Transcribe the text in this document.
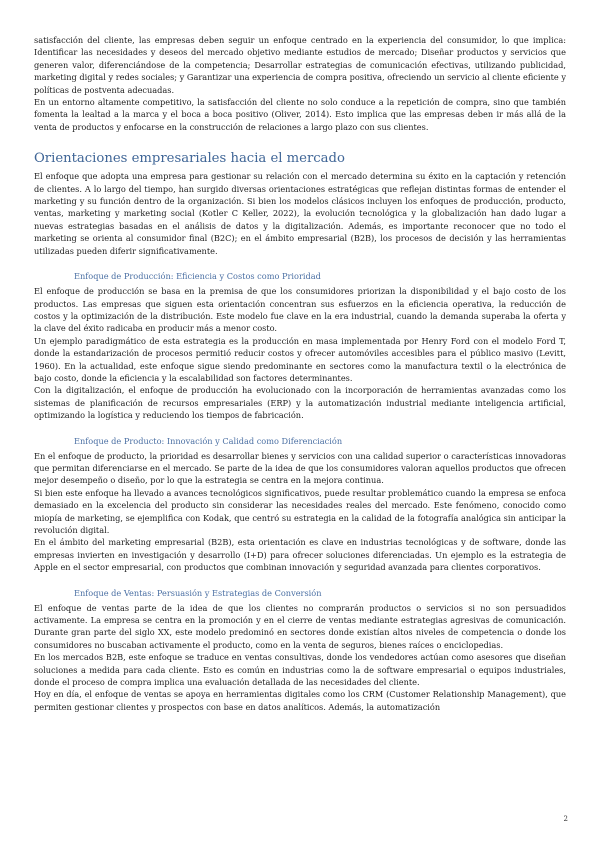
satisfacción del cliente, las empresas deben seguir un enfoque centrado en la experiencia del consumidor, lo que implica: Identificar las necesidades y deseos del mercado objetivo mediante estudios de mercado; Diseñar productos y servicios que generen valor, diferenciándose de la competencia; Desarrollar estrategias de comunicación efectivas, utilizando publicidad, marketing digital y redes sociales; y Garantizar una experiencia de compra positiva, ofreciendo un servicio al cliente eficiente y políticas de postventa adecuadas.

En un entorno altamente competitivo, la satisfacción del cliente no solo conduce a la repetición de compra, sino que también fomenta la lealtad a la marca y el boca a boca positivo (Oliver, 2014). Esto implica que las empresas deben ir más allá de la venta de productos y enfocarse en la construcción de relaciones a largo plazo con sus clientes.

Orientaciones empresariales hacia el mercado

El enfoque que adopta una empresa para gestionar su relación con el mercado determina su éxito en la captación y retención de clientes. A lo largo del tiempo, han surgido diversas orientaciones estratégicas que reflejan distintas formas de entender el marketing y su función dentro de la organización. Si bien los modelos clásicos incluyen los enfoques de producción, producto, ventas, marketing y marketing social (Kotler C Keller, 2022), la evolución tecnológica y la globalización han dado lugar a nuevas estrategias basadas en el análisis de datos y la digitalización. Además, es importante reconocer que no todo el marketing se orienta al consumidor final (B2C); en el ámbito empresarial (B2B), los procesos de decisión y las herramientas utilizadas pueden diferir significativamente.

Enfoque de Producción: Eficiencia y Costos como Prioridad

El enfoque de producción se basa en la premisa de que los consumidores priorizan la disponibilidad y el bajo costo de los productos. Las empresas que siguen esta orientación concentran sus esfuerzos en la eficiencia operativa, la reducción de costos y la optimización de la distribución. Este modelo fue clave en la era industrial, cuando la demanda superaba la oferta y la clave del éxito radicaba en producir más a menor costo.

Un ejemplo paradigmático de esta estrategia es la producción en masa implementada por Henry Ford con el modelo Ford T, donde la estandarización de procesos permitió reducir costos y ofrecer automóviles accesibles para el público masivo (Levitt, 1960). En la actualidad, este enfoque sigue siendo predominante en sectores como la manufactura textil o la electrónica de bajo costo, donde la eficiencia y la escalabilidad son factores determinantes.

Con la digitalización, el enfoque de producción ha evolucionado con la incorporación de herramientas avanzadas como los sistemas de planificación de recursos empresariales (ERP) y la automatización industrial mediante inteligencia artificial, optimizando la logística y reduciendo los tiempos de fabricación.

Enfoque de Producto: Innovación y Calidad como Diferenciación

En el enfoque de producto, la prioridad es desarrollar bienes y servicios con una calidad superior o características innovadoras que permitan diferenciarse en el mercado. Se parte de la idea de que los consumidores valoran aquellos productos que ofrecen mejor desempeño o diseño, por lo que la estrategia se centra en la mejora continua.

Si bien este enfoque ha llevado a avances tecnológicos significativos, puede resultar problemático cuando la empresa se enfoca demasiado en la excelencia del producto sin considerar las necesidades reales del mercado. Este fenómeno, conocido como miopía de marketing, se ejemplifica con Kodak, que centró su estrategia en la calidad de la fotografía analógica sin anticipar la revolución digital.

En el ámbito del marketing empresarial (B2B), esta orientación es clave en industrias tecnológicas y de software, donde las empresas invierten en investigación y desarrollo (I+D) para ofrecer soluciones diferenciadas. Un ejemplo es la estrategia de Apple en el sector empresarial, con productos que combinan innovación y seguridad avanzada para clientes corporativos.

Enfoque de Ventas: Persuasión y Estrategias de Conversión

El enfoque de ventas parte de la idea de que los clientes no comprarán productos o servicios si no son persuadidos activamente. La empresa se centra en la promoción y en el cierre de ventas mediante estrategias agresivas de comunicación. Durante gran parte del siglo XX, este modelo predominó en sectores donde existían altos niveles de competencia o donde los consumidores no buscaban activamente el producto, como en la venta de seguros, bienes raíces o enciclopedias.

En los mercados B2B, este enfoque se traduce en ventas consultivas, donde los vendedores actúan como asesores que diseñan soluciones a medida para cada cliente. Esto es común en industrias como la de software empresarial o equipos industriales, donde el proceso de compra implica una evaluación detallada de las necesidades del cliente.

Hoy en día, el enfoque de ventas se apoya en herramientas digitales como los CRM (Customer Relationship Management), que permiten gestionar clientes y prospectos con base en datos analíticos. Además, la automatización

2
